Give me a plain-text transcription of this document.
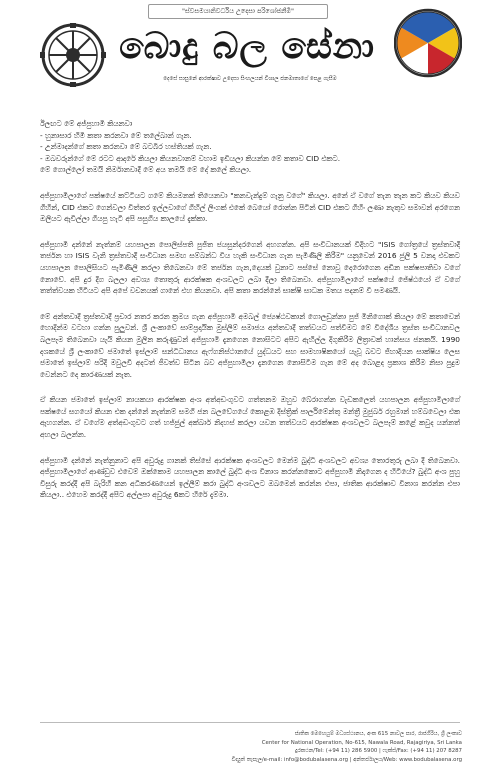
"ස්වසමයානිවර්ධිය උදෙසා පරිශෝජනීමි"
බොදු බල සේනා
දෙසේ සාසුනේ ආරක්ෂාව උදෙසා සිංහලයන් විශාල ජනමාතාගේ පෙළ ගැසීම

ඊලඟට මේ අජ්පුහාමි කියනවා
- හුනාසාර හිමි කතා කරනවා මේ තලේබාන් ගැන.
- උන්මාදන්ගේ කතා කරනවා මේ බටබිර හස්තියක් ගැන.
- ඔබවරුන්ගේ මේ රටට ආදරේ කියලා කියනවානම් වහාම ඉඩියලා කියන්න මේ කතාව CID එකට.
මේ ගොල්ලෝ තමයි නිර්මානවාදී මේ අය තමයි මේ දේ කලේ කියලා.

අජ්පුහාමිලාගේ පක්ෂයේ කට්ටියට ගමේ කියමනක් තියෙනවා "කනවැන්දුම් ගැනු වගේ" කියලා. අනේ ඒ වගේ තැන තැන කට කියව කියව ගිහින්, CID එකට ගෙන්වලා විත්තර ඉල්ලවාගේ ගිහිල් ලිංගක් එකේ බෙයෝ රොන්න පිටින් CID එකට ගිහිං ලණා නැතුව සමාවන් අරගෙන ඔලියට ඇවිල්ලා ගියපු හැටි අපි පසුගිය කාලයේ දැක්කා.

අජ්පුහාමි දන්නේ නැත්නම් යහපාලන පොලිස්පති පුජිත ජයසුන්දරගෙන් අහගන්න. අපි සංවිධානයක් විදිහට "ISIS ගෝත්‍රයේ ත්‍රස්තවාදී තර්ජන හා ISIS වැනි ත්‍රස්තවාදී සංවිධාන සමඟ සම්බන්ධ විය හැකි සංවිධාන ගැන පැමිණිලි කිරීම" යනුවෙන් 2016 ජුලි 5 වනදා එවකට යහපාලන පොලිසියට පැමිණිලි කරලා තිබෙනවා මේ තර්ජන ගැන,දෙයක් වුනාට පස්සේ නොවු දෙරොගෙන අඩින පක්ෂපාතිවා වගේ නොවේ. අපි දුර දිග බලලා අවශ්‍ය තොතුරු ආරක්ෂක අංශවලට ලබා දීලා තිබෙනවා. අජ්පුහාමිලාගේ පක්ෂයේ ජේෂ්ඨයෝ ඒ වගේ තත්ත්වයක හිටියට අපි අපේ වචනයක් ගානේ එහ කියනවා. අපි කතා කරන්නේ සාක්ෂි සාධක මතය පදනම් වී පමණයි.

මේ අන්තවාදී ත්‍රස්තවාදී ප්‍රචාර නතර කරන ක්‍රමය ගැන අජ්පුහාමි අමබල් ජ්‍යෙෂ්ඨවකාන් ගොලඩුන්නා පුජ් මිනිගොක් කියලා මේ කතාවෙන් හොදින්ම වටහා ගන්න පුලුවන්. ශ්‍රී ලංකාවේ සාම්ප්‍රදායික මුස්ලිම් සමාජය අන්තවාදී තත්වයට පත්වීමට මේ විදේශීය ත්‍රස්ත සංවිධානවල බලපෑම තිබෙනවා යැයි කියන මුලින කරුණුවන් අජ්පුහාමි දැනගෙන නොසිටට අපිට ඇහිල්ල දිගුකිරීම ලිත්‍රාවක් හාන්සය ජනකයි. 1990 දශකයේ ශ්‍රී ලංකාවේ ජමාතේ ඉස්ලාම් සන්ධිධානය ඇෆ්ගනිස්ථානයේ යුද්ධයට සහ සාමහාෂිකයෝ යැවූ බවට ජිහාදියන සාක්ෂිය ලෙස ජමාතේ ඉස්ලාම් පරිදි මවුලවි අදටත් ජීවත්ව සිටින බව අජ්පුහාමිලා දැනගෙන නොසිටීම ගැන මේ අද බොළද ප්‍රකාශ කිරීම නිසා පුදුම වෙන්නට දෙ කාරණයක් නැත.

ඒ කියන ජමාතේ ඉස්ලාම් නායකයා ආරක්ෂක අංශ අත්අඩංගුවට ගත්තනම ඔහුව බේරාගන්න වැඩකලෙත් යහපාලන අජ්පුහාමිලාගේ පක්ෂයේ සගයෝ කියන එක දන්නේ නැත්නම් සමගි ජන බලවේගයේ කොළඹ දිස්ත්‍රික් පාර්ලිමේන්තු මන්ත්‍රී මුජුබර් රහුමාන් හම්බවෙලා එක ඇහගන්න. ඒ වගේම අත්අඩංගුවට ගත් හජ්‍ජුල් අක්බාර් නිදහස් කරලා යවන තත්වයට ආරක්ෂක අංශවලට බලපෑම් කළේ කවුද යන්නත් අහලා බලන්න.

අජ්පුහාමි දන්නේ නැත්නුනාට අපි අවුරුදු ගානක් තිස්සේ ආරක්ෂක අංශවලට මෙන්ම බුද්ධි අංශවලට අවශ්‍ය තොරතුරු ලබා දී තිබෙනවා. අජ්පුහාමිලාගේ ආණ්ඩුව එවෙම් ඔක්කොම යහපාලන කාලේ බුද්ධි අංශ විනාශ කරන්නකොට අජ්පුහාමි නිදාගෙන ද හිටියේ? බුද්ධි අංශ පුහු විසුරු කරද්දී අපි බැරිහි කන අධිකරණයෙන් ඉල්ලීම් කරා බුද්ධි අංශවලට ඔබමෙන් කරන්න එපා, ජාතික ආරක්ෂාව විනාශ කරන්න එපා කියලා.. එහෙම කරද්දී අපිට අල්ලපා අවුරුදු 6කට හිරේ දැම්මා.

ජාතික මෙහෙයුම් මධ්‍යස්ථානය, අංක 615 නාවල පාර, රාජගිරිය, ශ්‍රී ලංකාව
Center for National Operation, No-615, Nawala Road, Rajagiriya, Sri Lanka
දුරකථන/Tel: (+94 11) 286 5900 | ෆැක්ස්/Fax: (+94 11) 207 8287
විද්‍යුත් තැපැල/e-mail: info@bodubalasena.org | අන්තර්ජාලය/Web: www.bodubalasena.org
